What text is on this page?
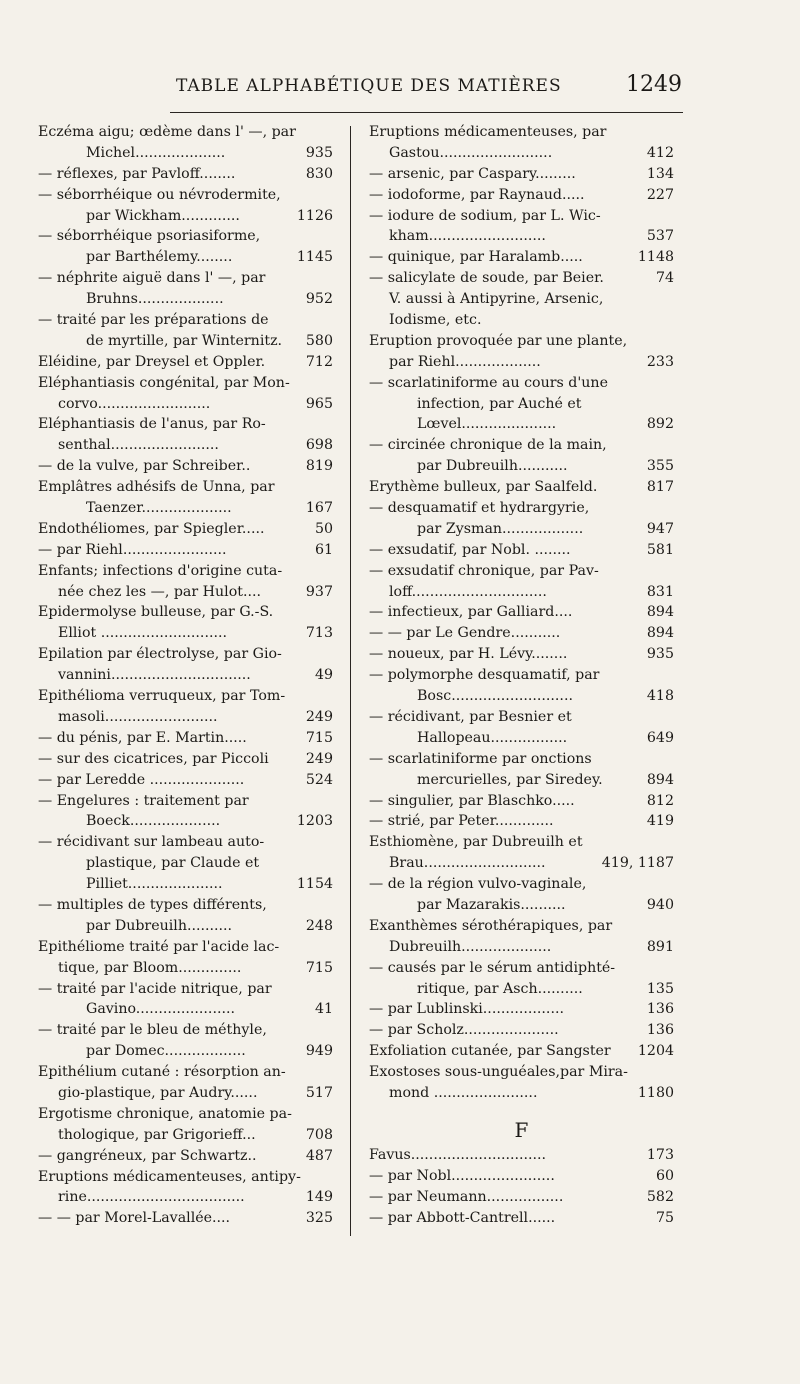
TABLE ALPHABÉTIQUE DES MATIÈRES	1249
Eczéma aigu; œdème dans l' —, par
Michel....................	935
— réflexes, par Pavloff........	830
— séborrhéique ou névrodermite,
par Wickham.............	1126
— séborrhéique psoriasiforme,
par Barthélemy........	1145
— néphrite aiguë dans l' —, par
Bruhns...................	952
— traité par les préparations de
de myrtille, par Winternitz. 580
Eléidine, par Dreysel et Oppler.	712
Eléphantiasis congénital, par Mon-
corvo.........................	965
Eléphantiasis de l'anus, par Ro-
senthal........................	698
— de la vulve, par Schreiber..	819
Emplâtres adhésifs de Unna, par
Taenzer....................	167
Endothéliomes, par Spiegler.....	50
— par Riehl.......................	61
Enfants; infections d'origine cuta-
née chez les —, par Hulot....	937
Epidermolyse bulleuse, par G.-S.
Elliot ............................	713
Epilation par électrolyse, par Gio-
vannini...............................	49
Epithélioma verruqueux, par Tom-
masoli.........................	249
— du pénis, par E. Martin.....	715
— sur des cicatrices, par Piccoli	249
— par Leredde .....................	524
— Engelures : traitement par
Boeck....................	1203
— récidivant sur lambeau auto-
plastique, par Claude et
Pilliet.....................	1154
— multiples de types différents,
par Dubreuilh..........	248
Epithéliome traité par l'acide lac-
tique, par Bloom..............	715
— traité par l'acide nitrique, par
Gavino......................	41
— traité par le bleu de méthyle,
par Domec..................	949
Epithélium cutané : résorption an-
gio-plastique, par Audry......	517
Ergotisme chronique, anatomie pa-
thologique, par Grigorieff...	708
— gangréneux, par Schwartz..	487
Eruptions médicamenteuses, antipy-
rine...................................	149
— — par Morel-Lavallée....	325
Eruptions médicamenteuses, par
Gastou.........................	412
— arsenic, par Caspary.........	134
— iodoforme, par Raynaud.....	227
— iodure de sodium, par L. Wic-
kham..........................	537
— quinique, par Haralamb.....	1148
— salicylate de soude, par Beier.	74
V. aussi à Antipyrine, Arsenic,
Iodisme, etc.
Eruption provoquée par une plante,
par Riehl...................	233
— scarlatiniforme au cours d'une
infection, par Auché et
Lœvel.....................	892
— circinée chronique de la main,
par Dubreuilh...........	355
Erythème bulleux, par Saalfeld.	817
— desquamatif et hydrargyrie,
par Zysman..................	947
— exsudatif, par Nobl. ........	581
— exsudatif chronique, par Pav-
loff..............................	831
— infectieux, par Galliard....	894
— — par Le Gendre...........	894
— noueux, par H. Lévy........	935
— polymorphe desquamatif, par
Bosc...........................	418
— récidivant, par Besnier et
Hallopeau.................	649
— scarlatiniforme par onctions
mercurielles, par Siredey.	894
— singulier, par Blaschko.....	812
— strié, par Peter.............	419
Esthiomène, par Dubreuilh et
Brau...........................	419, 1187
— de la région vulvo-vaginale,
par Mazarakis..........	940
Exanthèmes sérothérapiques, par
Dubreuilh....................	891
— causés par le sérum antidiphté-
ritique, par Asch..........	135
— par Lublinski..................	136
— par Scholz.....................	136
Exfoliation cutanée, par Sangster 1204
Exostoses sous-unguéales,par Mira-
mond .......................	1180
F
Favus..............................	173
— par Nobl.......................	60
— par Neumann.................	582
— par Abbott-Cantrell......	75
